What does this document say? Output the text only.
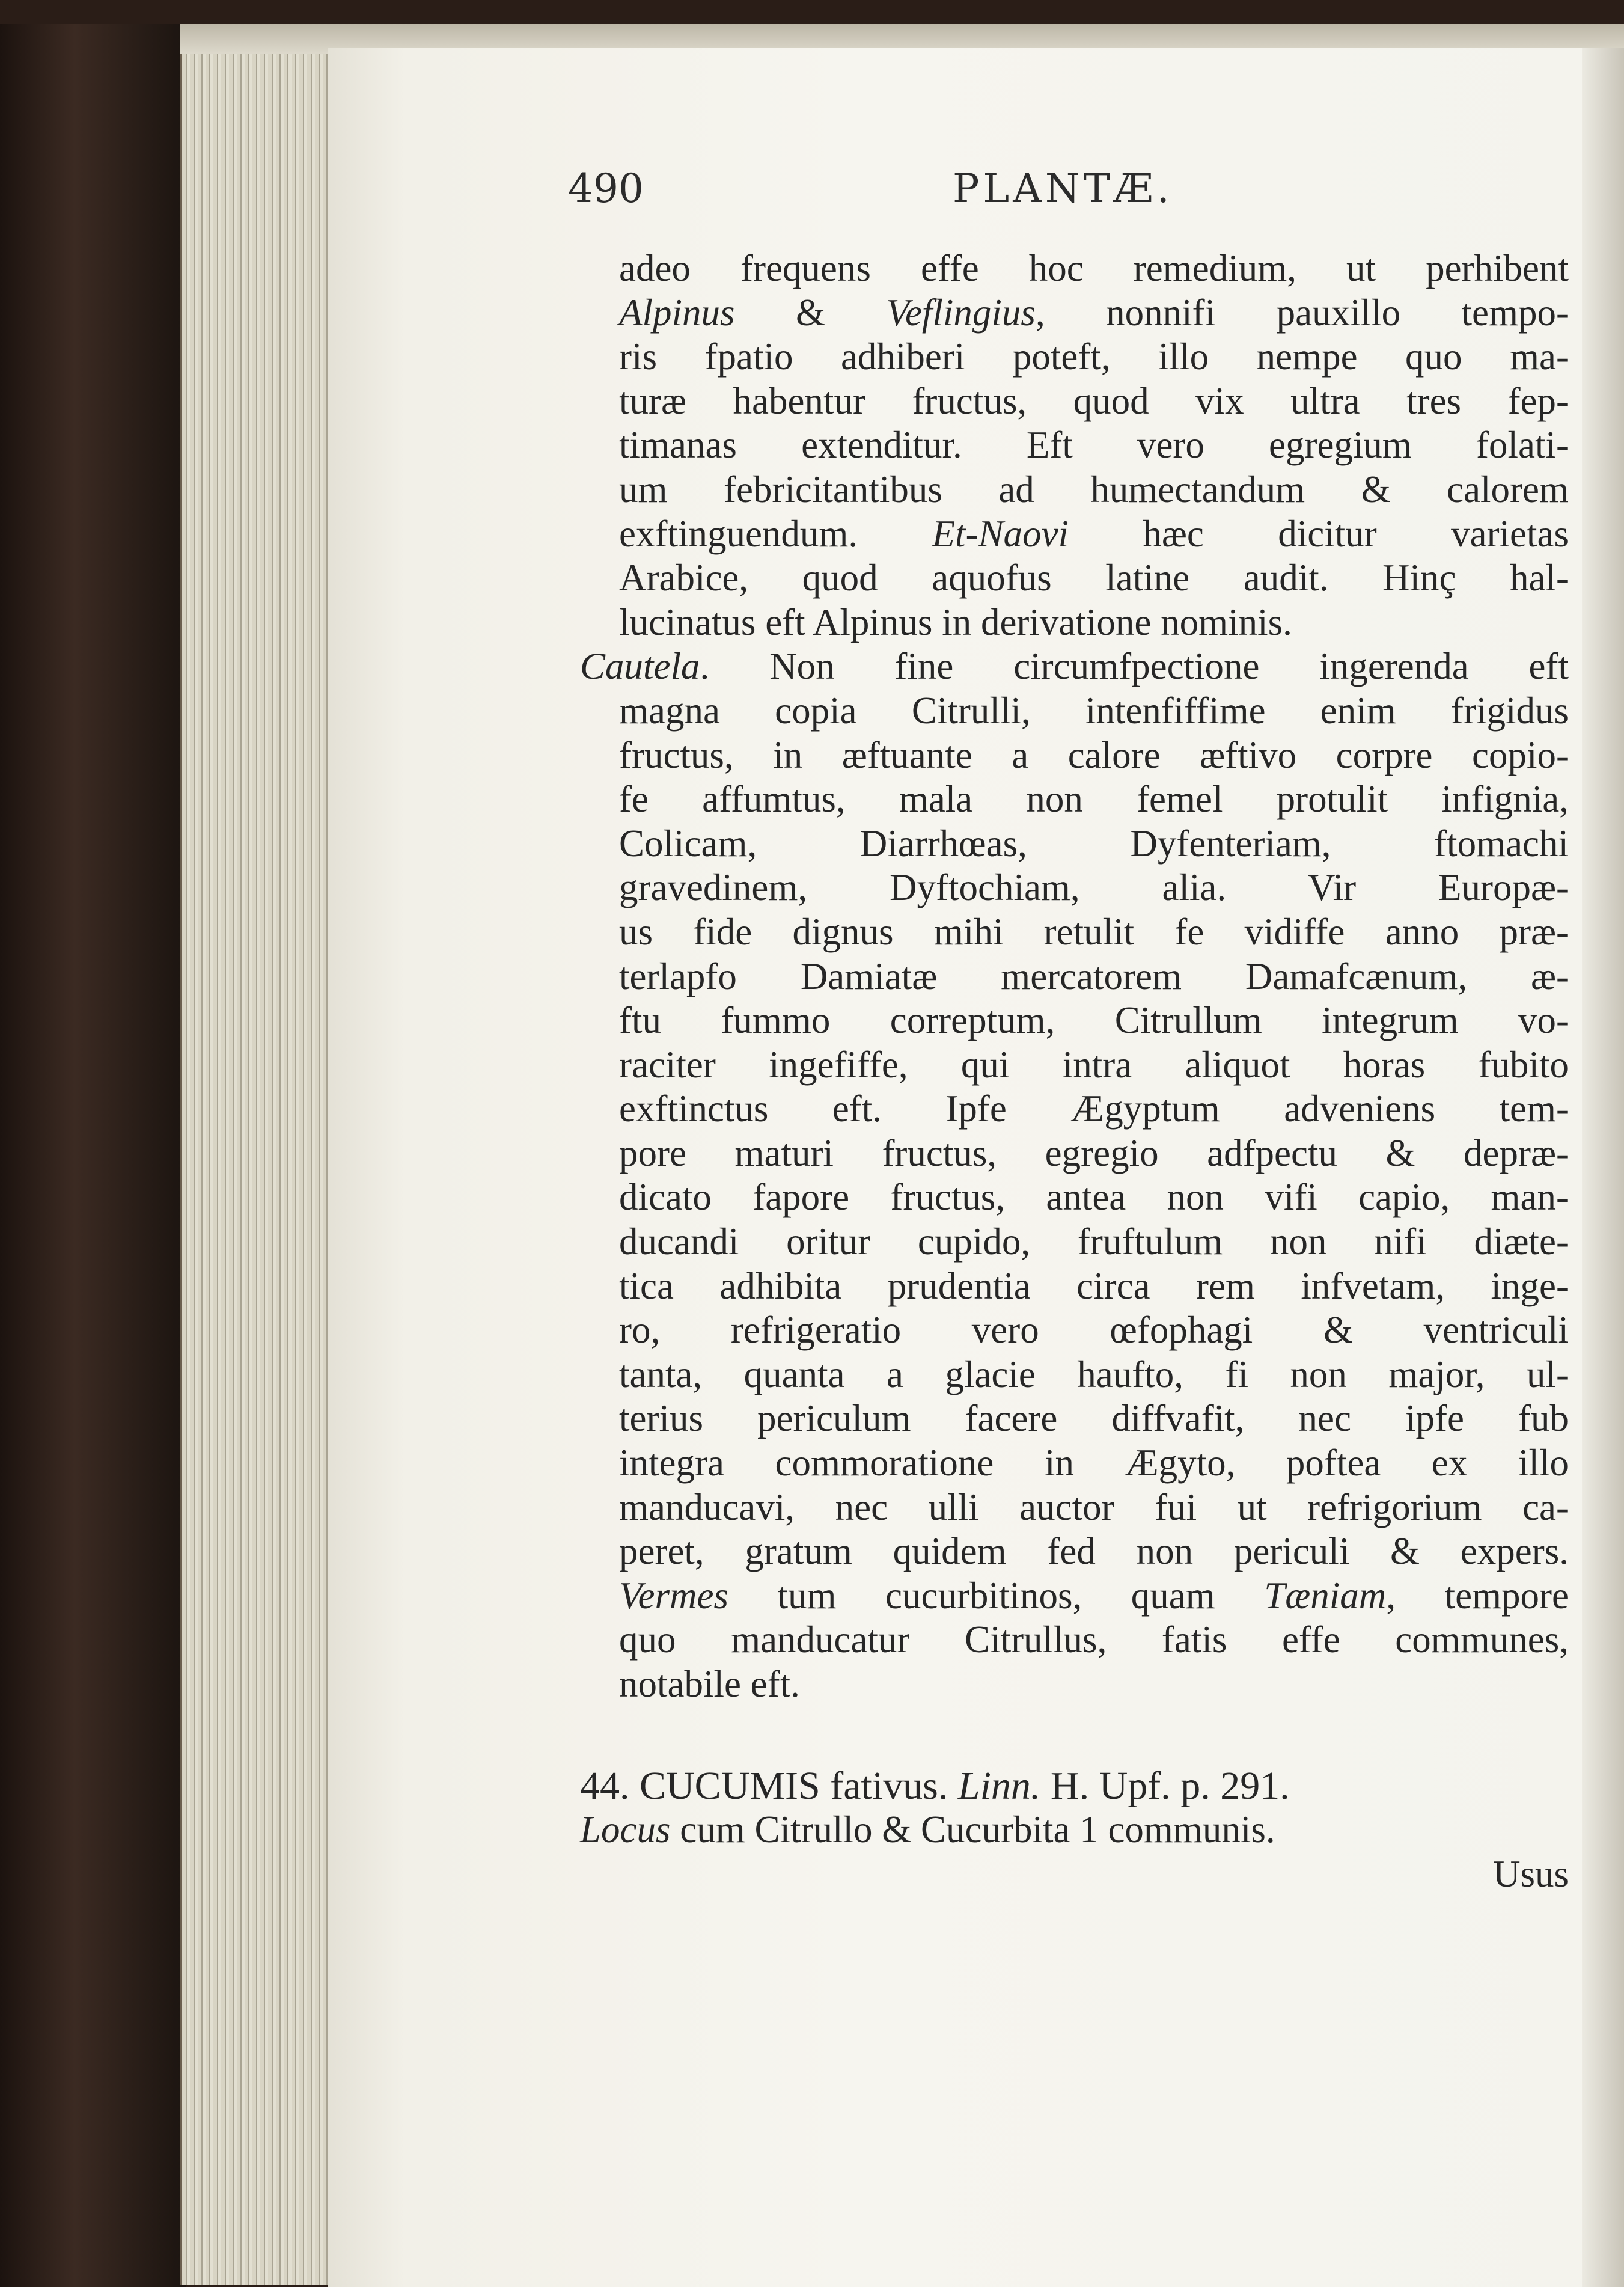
490	PLANTÆ.
adeo frequens effe hoc remedium, ut perhibent
Alpinus & Veflingius, nonnifi pauxillo tempo-
ris fpatio adhiberi poteft, illo nempe quo ma-
turæ habentur fructus, quod vix ultra tres fep-
timanas extenditur. Eft vero egregium folati-
um febricitantibus ad humectandum & calorem
exftinguendum. Et-Naovi hæc dicitur varietas
Arabice, quod aquofus latine audit. Hinç hal-
lucinatus eft Alpinus in derivatione nominis.
Cautela. Non fine circumfpectione ingerenda eft
magna copia Citrulli, intenfiffime enim frigidus
fructus, in æftuante a calore æftivo corpre copio-
fe affumtus, mala non femel protulit infignia,
Colicam, Diarrhœas, Dyfenteriam, ftomachi
gravedinem, Dyftochiam, alia. Vir Europæ-
us fide dignus mihi retulit fe vidiffe anno præ-
terlapfo Damiatæ mercatorem Damafcænum, æ-
ftu fummo correptum, Citrullum integrum vo-
raciter ingefiffe, qui intra aliquot horas fubito
exftinctus eft. Ipfe Ægyptum adveniens tem-
pore maturi fructus, egregio adfpectu & depræ-
dicato fapore fructus, antea non vifi capio, man-
ducandi oritur cupido, fruftulum non nifi diæte-
tica adhibita prudentia circa rem infvetam, inge-
ro, refrigeratio vero œfophagi & ventriculi
tanta, quanta a glacie haufto, fi non major, ul-
terius periculum facere diffvafit, nec ipfe fub
integra commoratione in Ægyto, poftea ex illo
manducavi, nec ulli auctor fui ut refrigorium ca-
peret, gratum quidem fed non periculi & expers.
Vermes tum cucurbitinos, quam Tæniam, tempore
quo manducatur Citrullus, fatis effe communes,
notabile eft.
44. CUCUMIS fativus. Linn. H. Upf. p. 291.
Locus cum Citrullo & Cucurbita 1 communis.
Usus
